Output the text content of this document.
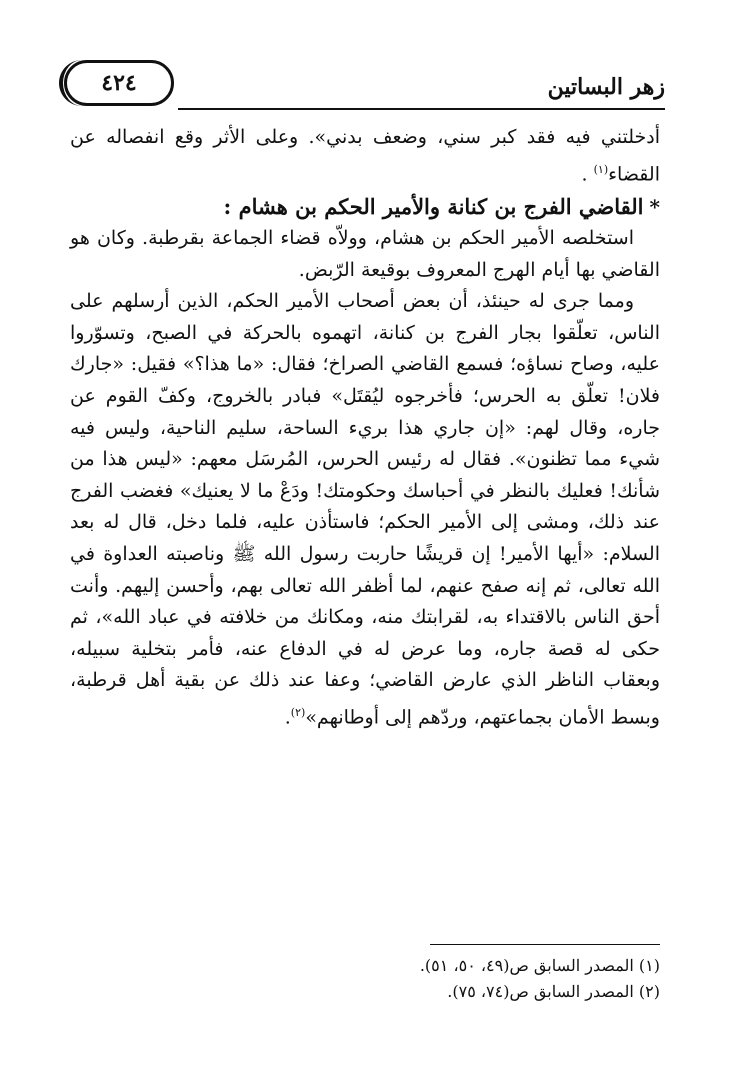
زهر البساتين
٤٢٤

أدخلتني فيه فقد كبر سني، وضعف بدني». وعلى الأثر وقع انفصاله عن القضاء$^{(١)}$ .

*القاضي الفرج بن كنانة والأمير الحكم بن هشام :

استخلصه الأمير الحكم بن هشام، وولاّه قضاء الجماعة بقرطبة. وكان هو القاضي بها أيام الهرج المعروف بوقيعة الرّبض.

ومما جرى له حينئذ، أن بعض أصحاب الأمير الحكم، الذين أرسلهم على الناس، تعلّقوا بجار الفرج بن كنانة، اتهموه بالحركة في الصبح، وتسوّروا عليه، وصاح نساؤه؛ فسمع القاضي الصراخ؛ فقال: «ما هذا؟» فقيل: «جارك فلان! تعلّق به الحرس؛ فأخرجوه ليُقتَل» فبادر بالخروج، وكفّ القوم عن جاره، وقال لهم: «إن جاري هذا بريء الساحة، سليم الناحية، وليس فيه شيء مما تظنون». فقال له رئيس الحرس، المُرسَل معهم: «ليس هذا من شأنك! فعليك بالنظر في أحباسك وحكومتك! ودَعْ ما لا يعنيك» فغضب الفرج عند ذلك، ومشى إلى الأمير الحكم؛ فاستأذن عليه، فلما دخل، قال له بعد السلام: «أيها الأمير! إن قريشًا حاربت رسول الله ﷺ وناصبته العداوة في الله تعالى، ثم إنه صفح عنهم، لما أظفر الله تعالى بهم، وأحسن إليهم. وأنت أحق الناس بالاقتداء به، لقرابتك منه، ومكانك من خلافته في عباد الله»، ثم حكى له قصة جاره، وما عرض له في الدفاع عنه، فأمر بتخلية سبيله، وبعقاب الناظر الذي عارض القاضي؛ وعفا عند ذلك عن بقية أهل قرطبة، وبسط الأمان بجماعتهم، وردّهم إلى أوطانهم»$^{(٢)}$.

(١) المصدر السابق ص(٤٩، ٥٠، ٥١).

(٢) المصدر السابق ص(٧٤، ٧٥).
